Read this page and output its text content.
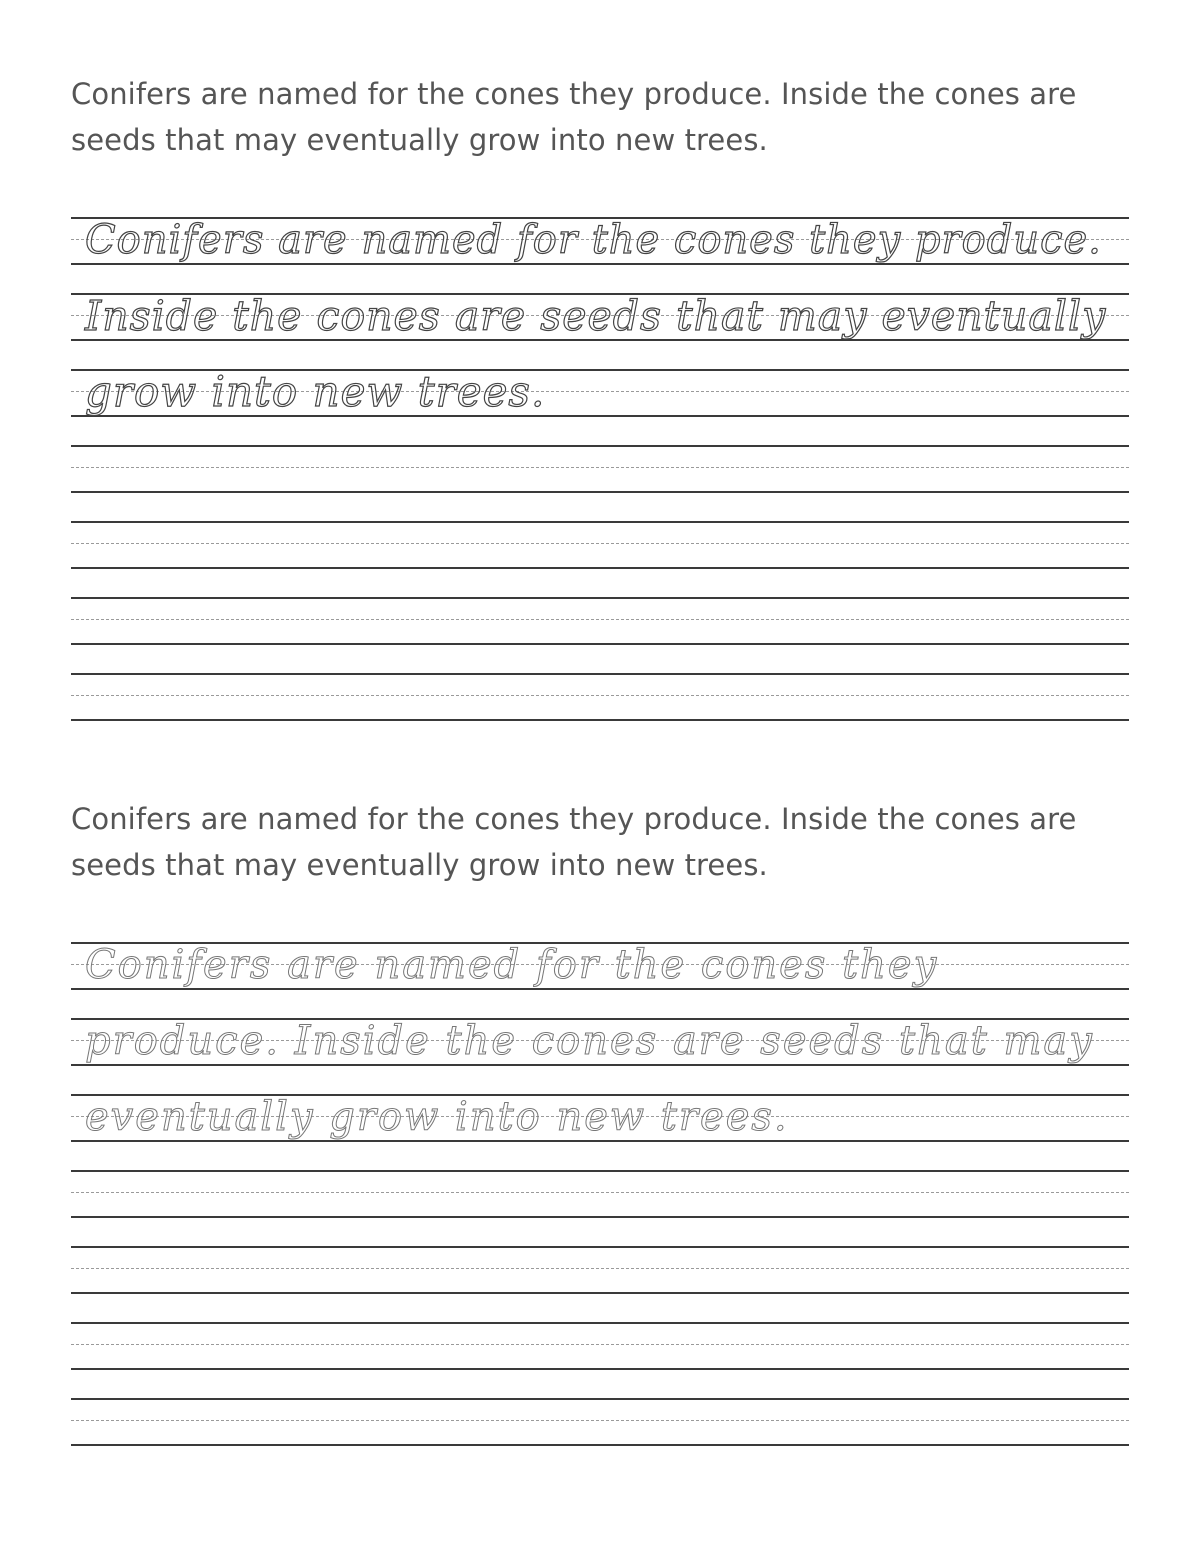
Conifers are named for the cones they produce. Inside the cones are seeds that may eventually grow into new trees.

Conifers are named for the cones they produce.
Inside the cones are seeds that may eventually
grow into new trees.

Conifers are named for the cones they produce. Inside the cones are seeds that may eventually grow into new trees.

Conifers are named for the cones they
produce. Inside the cones are seeds that may
eventually grow into new trees.
